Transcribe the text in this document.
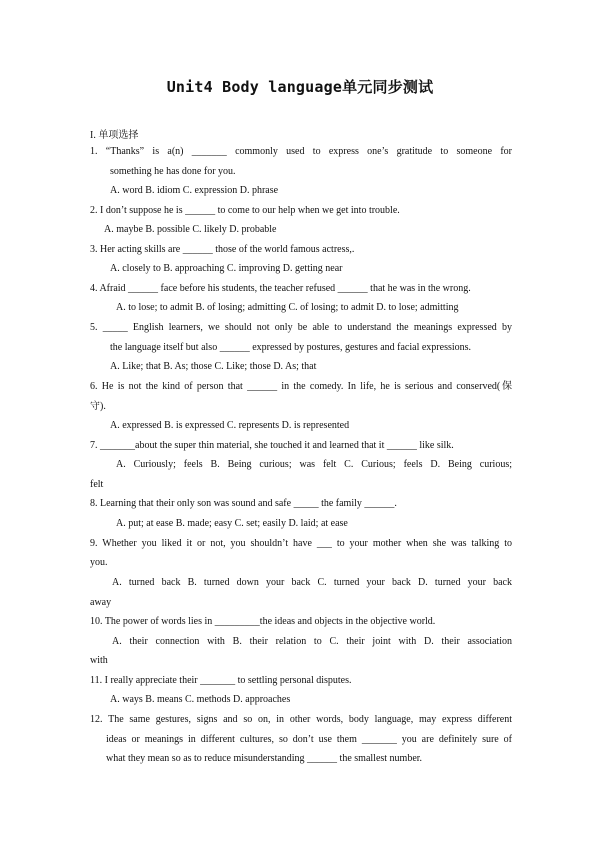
Unit4 Body language单元同步测试
I. 单项选择
1. “Thanks” is a(n) _______ commonly used to express one’s gratitude to someone for
something he has done for you.
A. word B. idiom C. expression D. phrase
2. I don’t suppose he is ______ to come to our help when we get into trouble.
A. maybe B. possible C. likely D. probable
3. Her acting skills are ______ those of the world famous actress,.
A. closely to B. approaching C. improving D. getting near
4. Afraid ______ face before his students, the teacher refused ______ that he was in the wrong.
A. to lose; to admit B. of losing; admitting C. of losing; to admit D. to lose; admitting
5. _____ English learners, we should not only be able to understand the meanings expressed by
the language itself but also ______ expressed by postures, gestures and facial expressions.
A. Like; that B. As; those C. Like; those D. As; that
6. He is not the kind of person that ______ in the comedy. In life, he is serious and conserved(保
守).
A. expressed B. is expressed C. represents D. is represented
7. _______about the super thin material, she touched it and learned that it ______ like silk.
A. Curiously; feels B. Being curious; was felt C. Curious; feels D. Being curious;
felt
8. Learning that their only son was sound and safe _____ the family ______.
A. put; at ease B. made; easy C. set; easily D. laid; at ease
9. Whether you liked it or not, you shouldn’t have ___ to your mother when she was talking to
you.
A. turned back B. turned down your back C. turned your back D. turned your back
away
10. The power of words lies in _________the ideas and objects in the objective world.
A. their connection with B. their relation to C. their joint with D. their association
with
11. I really appreciate their _______ to settling personal disputes.
A. ways B. means C. methods D. approaches
12. The same gestures, signs and so on, in other words, body language, may express different
ideas or meanings in different cultures, so don’t use them _______ you are definitely sure of
what they mean so as to reduce misunderstanding ______ the smallest number.
